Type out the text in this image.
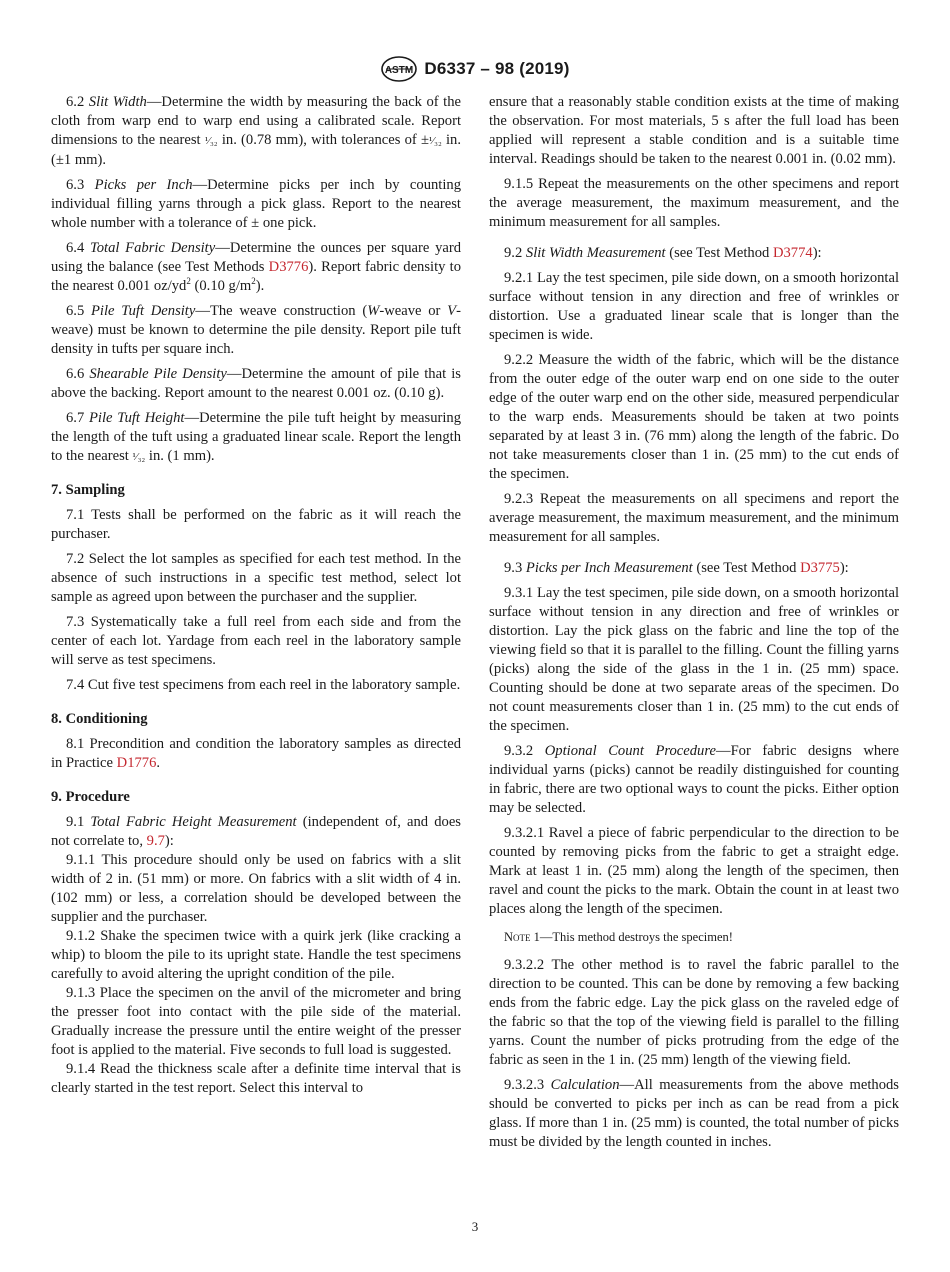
ASTM D6337 – 98 (2019)

6.2 Slit Width—Determine the width by measuring the back of the cloth from warp end to warp end using a calibrated scale. Report dimensions to the nearest ¹⁄₃₂ in. (0.78 mm), with tolerances of ±¹⁄₃₂ in. (±1 mm).

6.3 Picks per Inch—Determine picks per inch by counting individual filling yarns through a pick glass. Report to the nearest whole number with a tolerance of ± one pick.

6.4 Total Fabric Density—Determine the ounces per square yard using the balance (see Test Methods D3776). Report fabric density to the nearest 0.001 $oz/yd^2$ (0.10 $g/m^2$).

6.5 Pile Tuft Density—The weave construction (W-weave or V-weave) must be known to determine the pile density. Report pile tuft density in tufts per square inch.

6.6 Shearable Pile Density—Determine the amount of pile that is above the backing. Report amount to the nearest 0.001 oz. (0.10 g).

6.7 Pile Tuft Height—Determine the pile tuft height by measuring the length of the tuft using a graduated linear scale. Report the length to the nearest ¹⁄₃₂ in. (1 mm).

7. Sampling

7.1 Tests shall be performed on the fabric as it will reach the purchaser.

7.2 Select the lot samples as specified for each test method. In the absence of such instructions in a specific test method, select lot sample as agreed upon between the purchaser and the supplier.

7.3 Systematically take a full reel from each side and from the center of each lot. Yardage from each reel in the laboratory sample will serve as test specimens.

7.4 Cut five test specimens from each reel in the laboratory sample.

8. Conditioning

8.1 Precondition and condition the laboratory samples as directed in Practice D1776.

9. Procedure

9.1 Total Fabric Height Measurement (independent of, and does not correlate to, 9.7):

9.1.1 This procedure should only be used on fabrics with a slit width of 2 in. (51 mm) or more. On fabrics with a slit width of 4 in. (102 mm) or less, a correlation should be developed between the supplier and the purchaser.

9.1.2 Shake the specimen twice with a quirk jerk (like cracking a whip) to bloom the pile to its upright state. Handle the test specimens carefully to avoid altering the upright condition of the pile.

9.1.3 Place the specimen on the anvil of the micrometer and bring the presser foot into contact with the pile side of the material. Gradually increase the pressure until the entire weight of the presser foot is applied to the material. Five seconds to full load is suggested.

9.1.4 Read the thickness scale after a definite time interval that is clearly started in the test report. Select this interval to

ensure that a reasonably stable condition exists at the time of making the observation. For most materials, 5 s after the full load has been applied will represent a stable condition and is a suitable time interval. Readings should be taken to the nearest 0.001 in. (0.02 mm).

9.1.5 Repeat the measurements on the other specimens and report the average measurement, the maximum measurement, and the minimum measurement for all samples.

9.2 Slit Width Measurement (see Test Method D3774):

9.2.1 Lay the test specimen, pile side down, on a smooth horizontal surface without tension in any direction and free of wrinkles or distortion. Use a graduated linear scale that is longer than the specimen is wide.

9.2.2 Measure the width of the fabric, which will be the distance from the outer edge of the outer warp end on one side to the outer edge of the outer warp end on the other side, measured perpendicular to the warp ends. Measurements should be taken at two points separated by at least 3 in. (76 mm) along the length of the fabric. Do not take measurements closer than 1 in. (25 mm) to the cut ends of the specimen.

9.2.3 Repeat the measurements on all specimens and report the average measurement, the maximum measurement, and the minimum measurement for all samples.

9.3 Picks per Inch Measurement (see Test Method D3775):

9.3.1 Lay the test specimen, pile side down, on a smooth horizontal surface without tension in any direction and free of wrinkles or distortion. Lay the pick glass on the fabric and line the top of the viewing field so that it is parallel to the filling. Count the filling yarns (picks) along the side of the glass in the 1 in. (25 mm) space. Counting should be done at two separate areas of the specimen. Do not count measurements closer than 1 in. (25 mm) to the cut ends of the specimen.

9.3.2 Optional Count Procedure—For fabric designs where individual yarns (picks) cannot be readily distinguished for counting in fabric, there are two optional ways to count the picks. Either option may be selected.

9.3.2.1 Ravel a piece of fabric perpendicular to the direction to be counted by removing picks from the fabric to get a straight edge. Mark at least 1 in. (25 mm) along the length of the specimen, then ravel and count the picks to the mark. Obtain the count in at least two places along the length of the specimen.

Note 1—This method destroys the specimen!

9.3.2.2 The other method is to ravel the fabric parallel to the direction to be counted. This can be done by removing a few backing ends from the fabric edge. Lay the pick glass on the raveled edge of the fabric so that the top of the viewing field is parallel to the filling yarns. Count the number of picks protruding from the edge of the fabric as seen in the 1 in. (25 mm) length of the viewing field.

9.3.2.3 Calculation—All measurements from the above methods should be converted to picks per inch as can be read from a pick glass. If more than 1 in. (25 mm) is counted, the total number of picks must be divided by the length counted in inches.

3
